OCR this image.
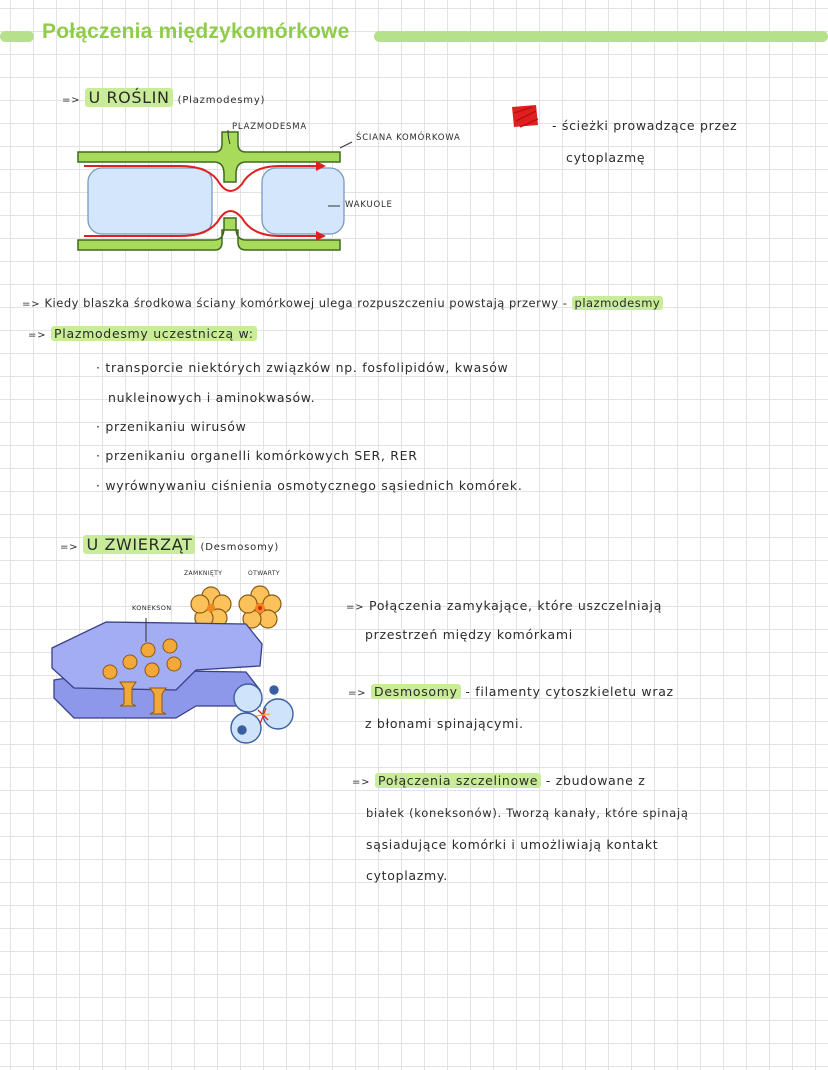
Połączenia międzykomórkowe
=> U ROŚLIN (Plazmodesmy)
PLAZMODESMA
ŚCIANA KOMÓRKOWA
WAKUOLE
- ścieżki prowadzące przez
cytoplazmę
=> Kiedy blaszka środkowa ściany komórkowej ulega rozpuszczeniu powstają przerwy - plazmodesmy
=> Plazmodesmy uczestniczą w:
· transporcie niektórych związków np. fosfolipidów, kwasów
nukleinowych i aminokwasów.
· przenikaniu wirusów
· przenikaniu organelli komórkowych SER, RER
· wyrównywaniu ciśnienia osmotycznego sąsiednich komórek.
=> U ZWIERZĄT (Desmosomy)
ZAMKNIĘTY	OTWARTY
KONEKSON	=> Połączenia zamykające, które uszczelniają
przestrzeń między komórkami
=> Desmosomy - filamenty cytoszkieletu wraz
z błonami spinającymi.
=> Połączenia szczelinowe - zbudowane z
białek (koneksonów). Tworzą kanały, które spinają
sąsiadujące komórki i umożliwiają kontakt
cytoplazmy.
